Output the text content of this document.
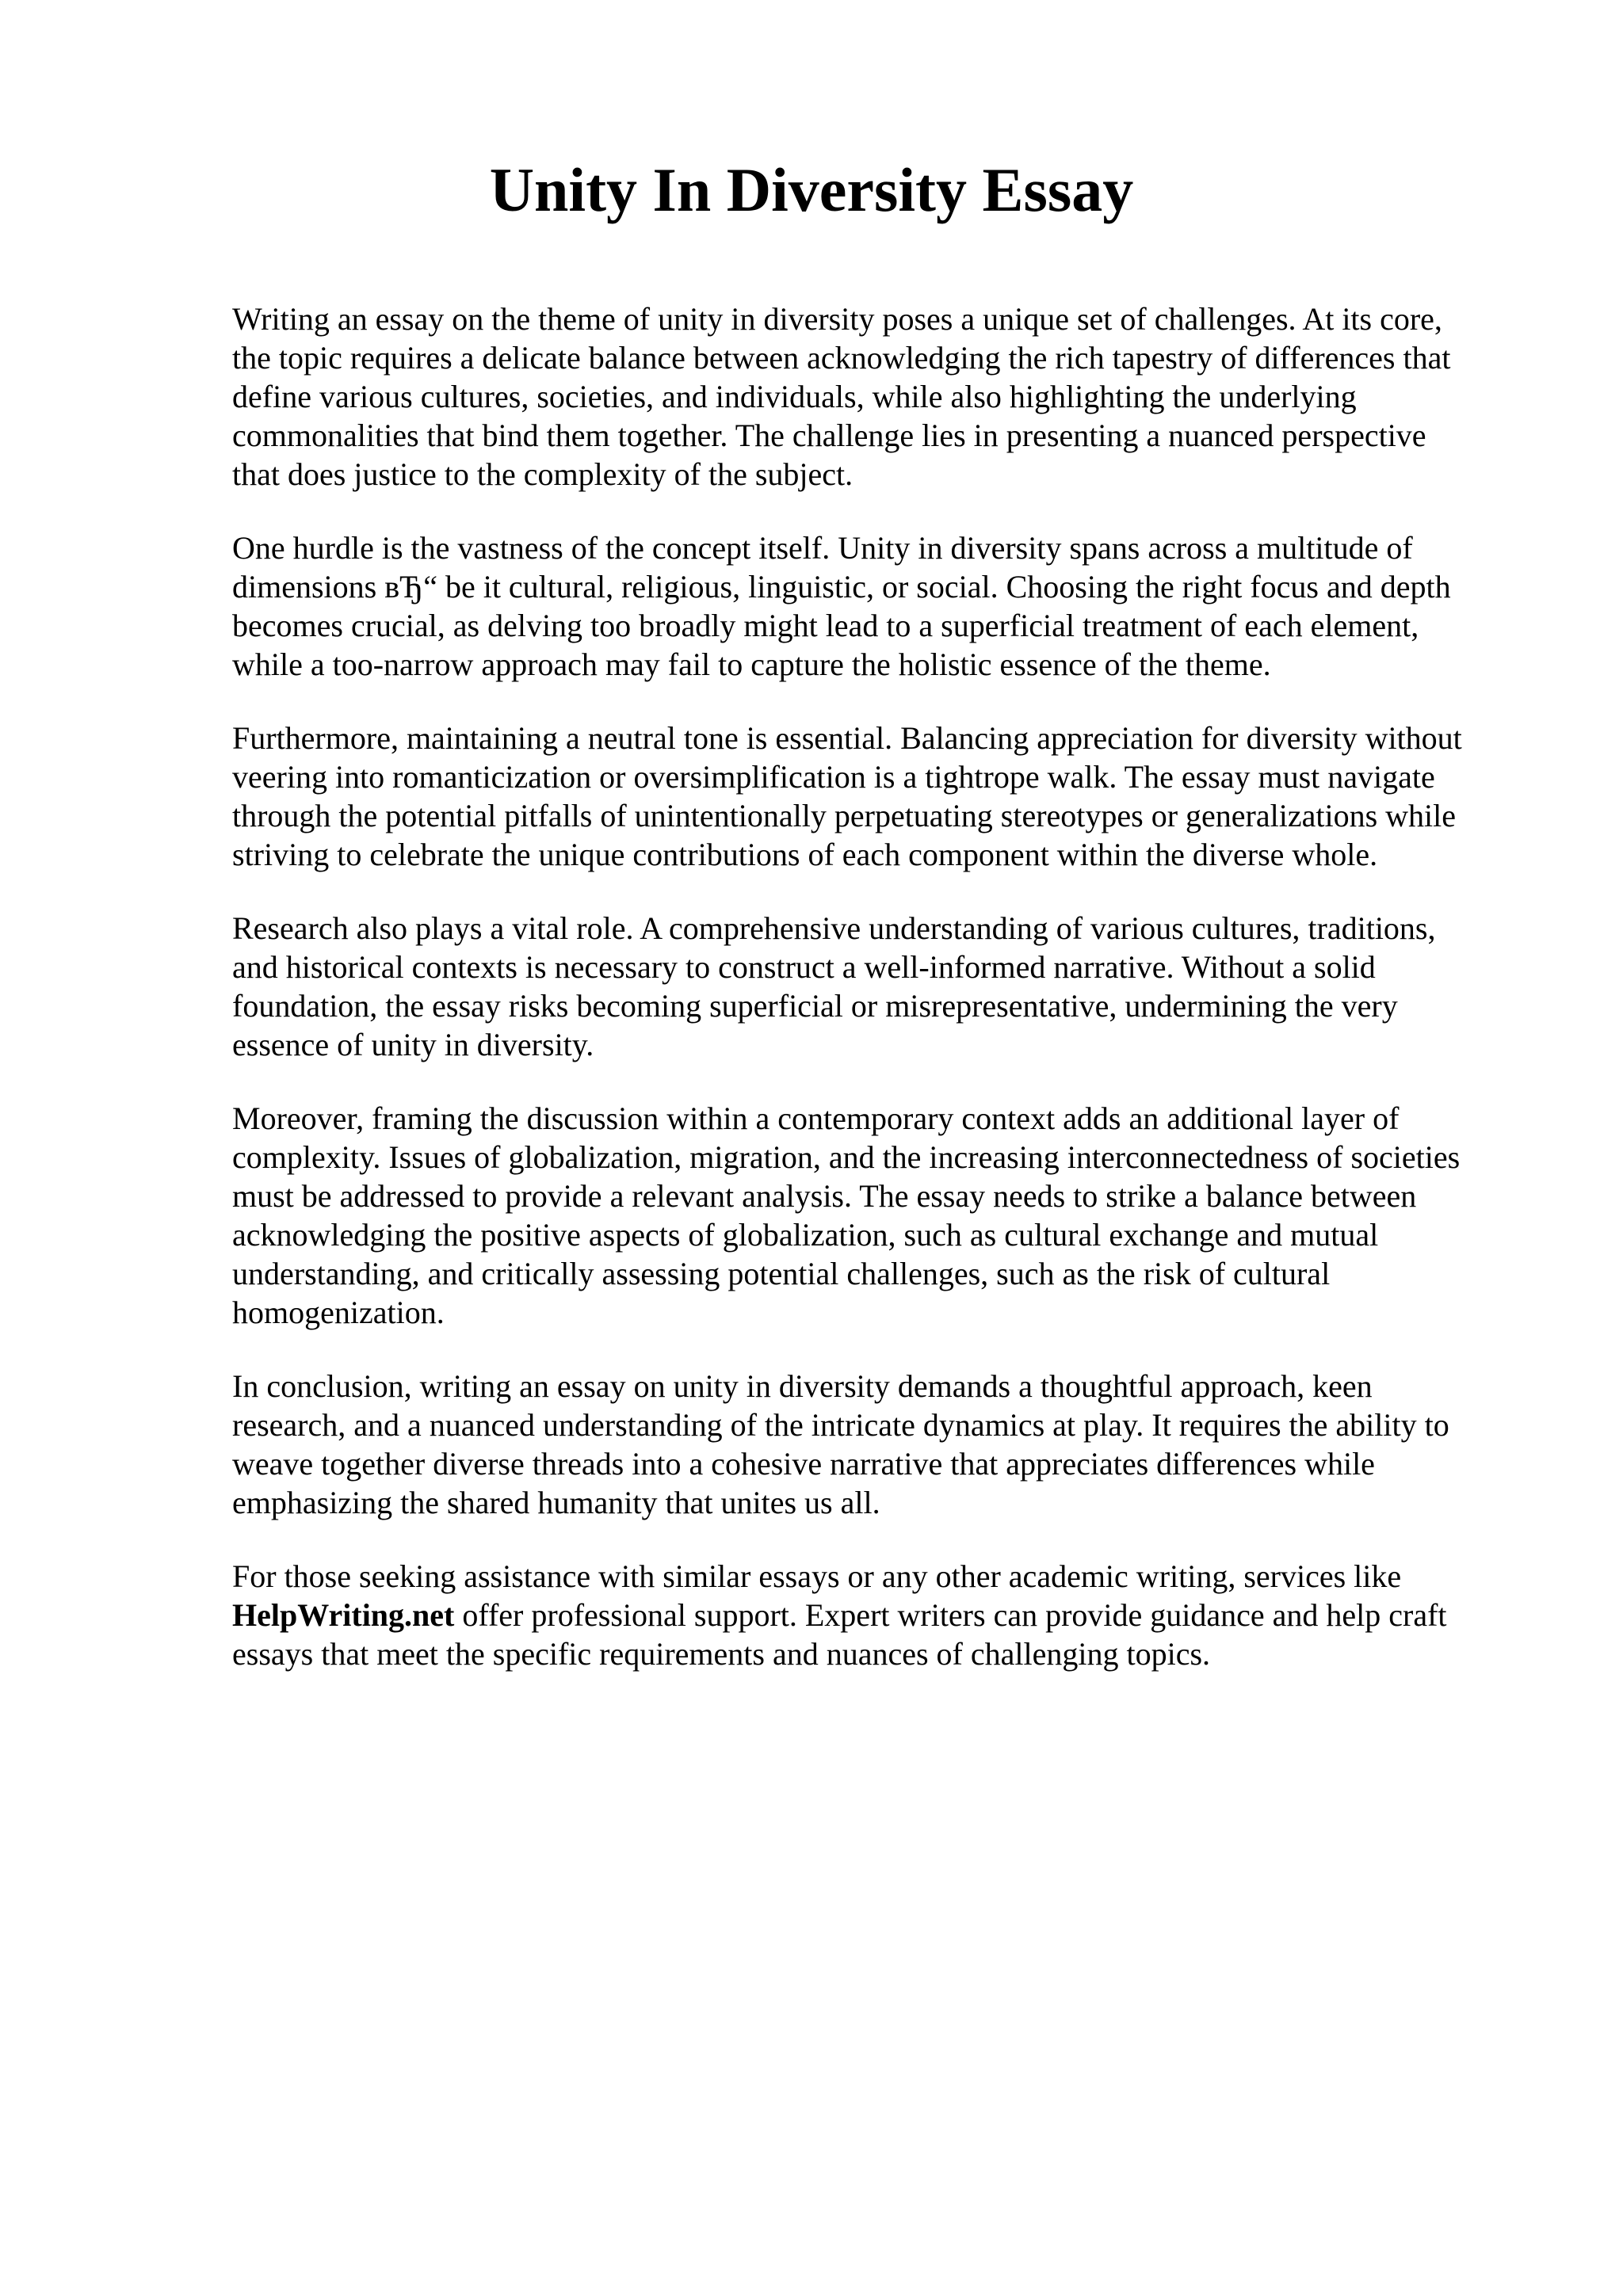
Unity In Diversity Essay

Writing an essay on the theme of unity in diversity poses a unique set of challenges. At its core,
the topic requires a delicate balance between acknowledging the rich tapestry of differences that
define various cultures, societies, and individuals, while also highlighting the underlying
commonalities that bind them together. The challenge lies in presenting a nuanced perspective
that does justice to the complexity of the subject.

One hurdle is the vastness of the concept itself. Unity in diversity spans across a multitude of
dimensions вЂ“ be it cultural, religious, linguistic, or social. Choosing the right focus and depth
becomes crucial, as delving too broadly might lead to a superficial treatment of each element,
while a too-narrow approach may fail to capture the holistic essence of the theme.

Furthermore, maintaining a neutral tone is essential. Balancing appreciation for diversity without
veering into romanticization or oversimplification is a tightrope walk. The essay must navigate
through the potential pitfalls of unintentionally perpetuating stereotypes or generalizations while
striving to celebrate the unique contributions of each component within the diverse whole.

Research also plays a vital role. A comprehensive understanding of various cultures, traditions,
and historical contexts is necessary to construct a well-informed narrative. Without a solid
foundation, the essay risks becoming superficial or misrepresentative, undermining the very
essence of unity in diversity.

Moreover, framing the discussion within a contemporary context adds an additional layer of
complexity. Issues of globalization, migration, and the increasing interconnectedness of societies
must be addressed to provide a relevant analysis. The essay needs to strike a balance between
acknowledging the positive aspects of globalization, such as cultural exchange and mutual
understanding, and critically assessing potential challenges, such as the risk of cultural
homogenization.

In conclusion, writing an essay on unity in diversity demands a thoughtful approach, keen
research, and a nuanced understanding of the intricate dynamics at play. It requires the ability to
weave together diverse threads into a cohesive narrative that appreciates differences while
emphasizing the shared humanity that unites us all.

For those seeking assistance with similar essays or any other academic writing, services like
HelpWriting.net offer professional support. Expert writers can provide guidance and help craft
essays that meet the specific requirements and nuances of challenging topics.
